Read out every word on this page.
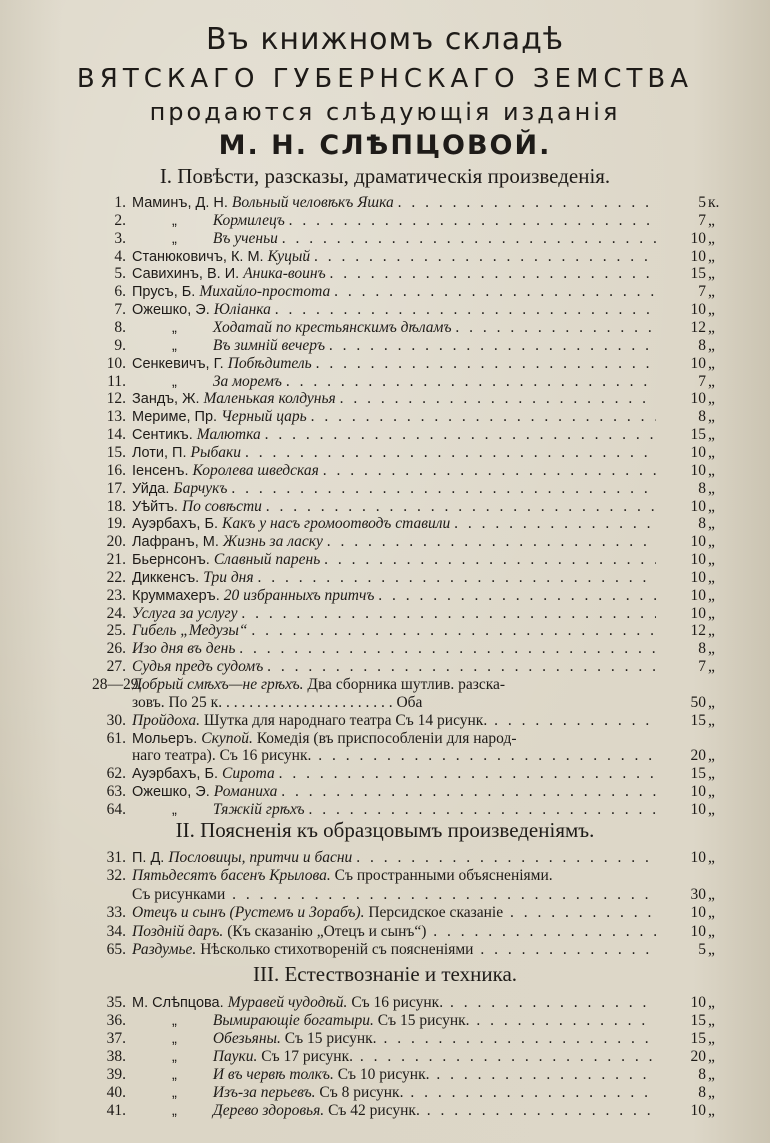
Въ книжномъ складѣ
ВЯТСКАГО ГУБЕРНСКАГО ЗЕМСТВА
продаются слѣдующія изданія
М. Н. СЛѢПЦОВОЙ.
I. Повѣсти, разсказы, драматическія произведенія.
II. Поясненія къ образцовымъ произведеніямъ.
III. Естествознаніе и техника.
1. Маминъ, Д. Н. Вольный человѣкъ Яшка . . .	5 к.
2.	„ Кормилецъ . . .	7 „
3.	„ Въ ученьи . . .	10 „
4. Станюковичъ, К. М. Куцый . . .	10 „
5. Савихинъ, В. И. Аника-воинъ . . .	15 „
6. Прусъ, Б. Михайло-простота . . .	7 „
7. Ожешко, Э. Юліанка . . .	10 „
8.	„ Ходатай по крестьянскимъ дѣламъ . . .	12 „
9.	„ Въ зимній вечеръ . . .	8 „
10. Сенкевичъ, Г. Побѣдитель . . .	10 „
11.	„ За моремъ . . .	7 „
12. Зандъ, Ж. Маленькая колдунья . . .	10 „
13. Мериме, Пр. Черный царь . . .	8 „
14. Сентикъ. Малютка . . .	15 „
15. Лоти, П. Рыбаки . . .	10 „
16. Іенсенъ. Королева шведская . . .	10 „
17. Уйда. Барчукъ . . .	8 „
18. Уѣйтъ. По совѣсти . . .	10 „
19. Ауэрбахъ, Б. Какъ у насъ громоотводъ ставили . . .	8 „
20. Лафранъ, М. Жизнь за ласку . . .	10 „
21. Бьернсонъ. Славный парень . . .	10 „
22. Диккенсъ. Три дня . . .	10 „
23. Круммахеръ. 20 избранныхъ притчъ . . .	10 „
24. Услуга за услугу . . .	10 „
25. Гибель „Медузы“ . . .	12 „
26. Изо дня въ день . . .	8 „
27. Судья предъ судомъ . . .	7 „
28—29.
Добрый смѣхъ—не грѣхъ. Два сборника шутлив. разска-
зовъ. По 25 к. . . . . . . . . . . . . . . . . . . . . . . Оба	50 „
30. Пройдоха. Шутка для народнаго театра Съ 14 рисунк. . . .	15 „
61. Мольеръ. Скупой. Комедія (въ приспособленіи для народ-
наго театра). Съ 16 рисунк. . . .	20 „
62. Ауэрбахъ, Б. Сирота . . .	15 „
63. Ожешко, Э. Романиха . . .	10 „
64.	„ Тяжкій грѣхъ . . .	10 „
31. П. Д. Пословицы, притчи и басни . . .	10 „
32. Пятьдесятъ басенъ Крылова. Съ пространными объясненіями.
Съ рисунками . . .	30 „
33. Отецъ и сынъ (Рустемъ и Зорабъ). Персидское сказаніе . . .	10 „
34. Поздній даръ. (Къ сказанію „Отецъ и сынъ“) . . .	10 „
65. Раздумье. Нѣсколько стихотвореній съ поясненіями . . .	5 „
35. М. Слѣпцова. Муравей чудодѣй. Съ 16 рисунк. . . .	10 „
36.	„ Вымирающіе богатыри. Съ 15 рисунк. . . .	15 „
37.	„ Обезьяны. Съ 15 рисунк. . . .	15 „
38.	„ Пауки. Съ 17 рисунк. . . .	20 „
39.	„ И въ червѣ толкъ. Съ 10 рисунк. . . .	8 „
40.	„ Изъ-за перьевъ. Съ 8 рисунк. . . .	8 „
41.	„ Дерево здоровья. Съ 42 рисунк. . . .	10 „
